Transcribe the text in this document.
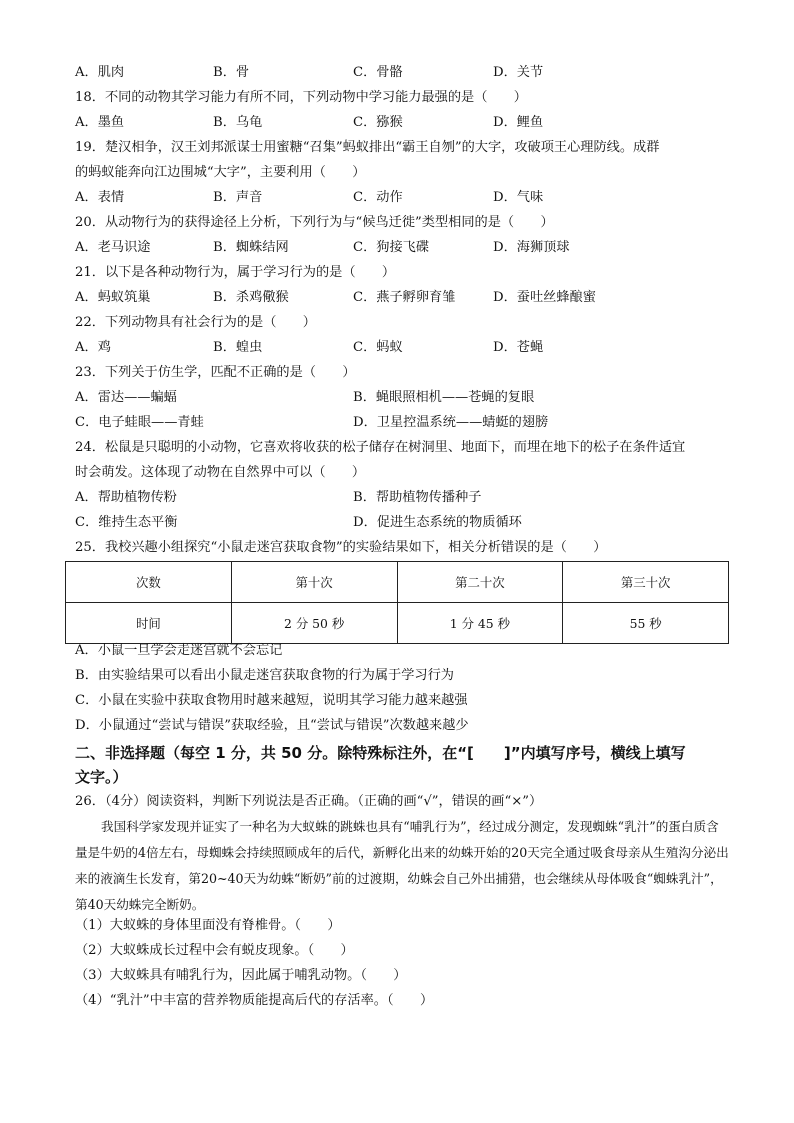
A．肌肉	B．骨	C．骨骼	D．关节
18．不同的动物其学习能力有所不同，下列动物中学习能力最强的是（　　）
A．墨鱼	B．乌龟	C．猕猴	D．鲤鱼
19．楚汉相争，汉王刘邦派谋士用蜜糖“召集”蚂蚁排出“霸王自刎”的大字，攻破项王心理防线。成群
的蚂蚁能奔向江边围城“大字”，主要利用（　　）
A．表情	B．声音	C．动作	D．气味
20．从动物行为的获得途径上分析，下列行为与“候鸟迁徙”类型相同的是（　　）
A．老马识途	B．蜘蛛结网	C．狗接飞碟	D．海狮顶球
21．以下是各种动物行为，属于学习行为的是（　　）
A．蚂蚁筑巢	B．杀鸡儆猴	C．燕子孵卵育雏	D．蚕吐丝蜂酿蜜
22．下列动物具有社会行为的是（　　）
A．鸡	B．蝗虫	C．蚂蚁	D．苍蝇
23．下列关于仿生学，匹配不正确的是（　　）
A．雷达——蝙蝠	B．蝇眼照相机——苍蝇的复眼
C．电子蛙眼——青蛙	D．卫星控温系统——蜻蜓的翅膀
24．松鼠是只聪明的小动物，它喜欢将收获的松子储存在树洞里、地面下，而埋在地下的松子在条件适宜
时会萌发。这体现了动物在自然界中可以（　　）
A．帮助植物传粉	B．帮助植物传播种子
C．维持生态平衡	D．促进生态系统的物质循环
25．我校兴趣小组探究“小鼠走迷宫获取食物”的实验结果如下，相关分析错误的是（　　）
次数	第十次	第二十次	第三十次
时间	2 分 50 秒	1 分 45 秒	55 秒
A．小鼠一旦学会走迷宫就不会忘记
B．由实验结果可以看出小鼠走迷宫获取食物的行为属于学习行为
C．小鼠在实验中获取食物用时越来越短，说明其学习能力越来越强
D．小鼠通过“尝试与错误”获取经验，且“尝试与错误”次数越来越少
二、非选择题（每空 1 分，共 50 分。除特殊标注外，在“[　　]”内填写序号，横线上填写
文字。）
26．（4分）阅读资料，判断下列说法是否正确。（正确的画“√”，错误的画“×”）
我国科学家发现并证实了一种名为大蚁蛛的跳蛛也具有“哺乳行为”，经过成分测定，发现蜘蛛“乳汁”的蛋白质含量是牛奶的4倍左右，母蜘蛛会持续照顾成年的后代，新孵化出来的幼蛛开始的20天完全通过吸食母亲从生殖沟分泌出来的液滴生长发育，第20~40天为幼蛛“断奶”前的过渡期，幼蛛会自己外出捕猎，也会继续从母体吸食“蜘蛛乳汁”，第40天幼蛛完全断奶。
（1）大蚁蛛的身体里面没有脊椎骨。（　　）
（2）大蚁蛛成长过程中会有蜕皮现象。（　　）
（3）大蚁蛛具有哺乳行为，因此属于哺乳动物。（　　）
（4）“乳汁”中丰富的营养物质能提高后代的存活率。（　　）
